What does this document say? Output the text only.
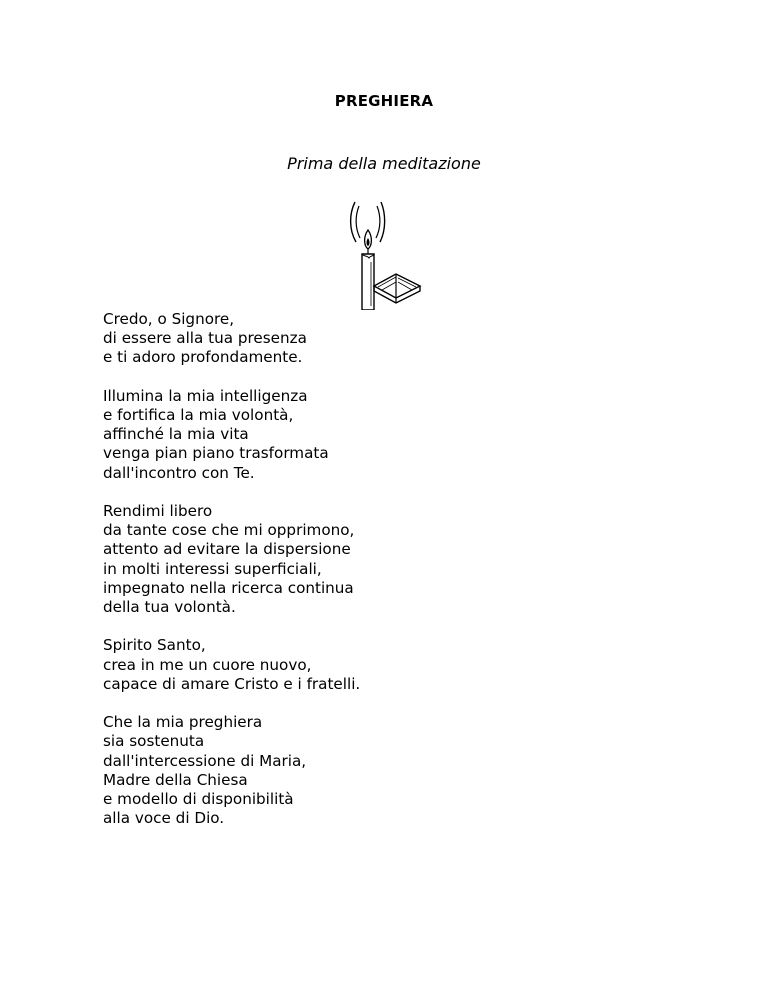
PREGHIERA
Prima della meditazione

Credo, o Signore,
di essere alla tua presenza
e ti adoro profondamente.

Illumina la mia intelligenza
e fortifica la mia volontà,
affinché la mia vita
venga pian piano trasformata
dall'incontro con Te.

Rendimi libero
da tante cose che mi opprimono,
attento ad evitare la dispersione
in molti interessi superficiali,
impegnato nella ricerca continua
della tua volontà.

Spirito Santo,
crea in me un cuore nuovo,
capace di amare Cristo e i fratelli.

Che la mia preghiera
sia sostenuta
dall'intercessione di Maria,
Madre della Chiesa
e modello di disponibilità
alla voce di Dio.
